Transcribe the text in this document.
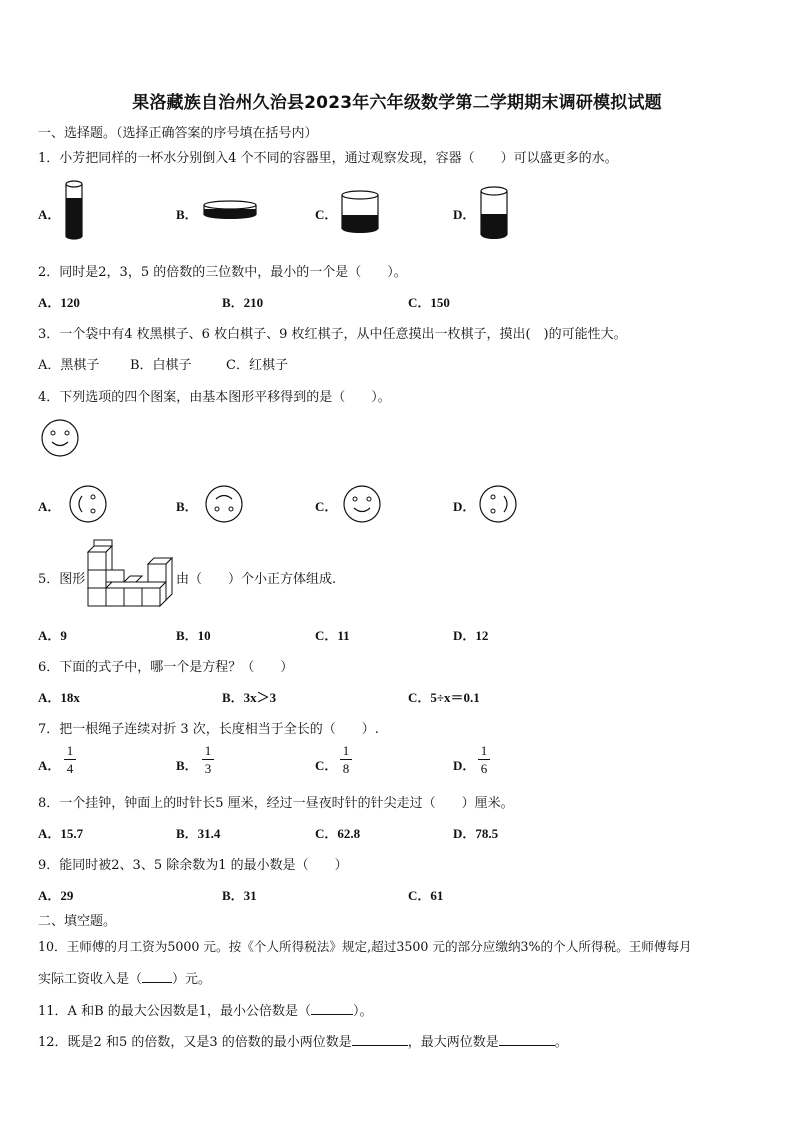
果洛藏族自治州久治县2023年六年级数学第二学期期末调研模拟试题
一、选择题。（选择正确答案的序号填在括号内）
1．小芳把同样的一杯水分别倒入4 个不同的容器里，通过观察发现，容器（　　）可以盛更多的水。
A．	B．	C．	D．
2．同时是2，3，5 的倍数的三位数中，最小的一个是（　　）。
A．120	B．210	C．150
3．一个袋中有4 枚黑棋子、6 枚白棋子、9 枚红棋子，从中任意摸出一枚棋子，摸出(　)的可能性大。
A．黑棋子 B．白棋子	C．红棋子
4．下列选项的四个图案，由基本图形平移得到的是（　　）。
A．	B．	C．	D．
5．图形	由（　　）个小正方体组成.
A．9	B．10	C．11	D．12
6．下面的式子中，哪一个是方程？（　　）
A．18x	B．3x＞3	C．5÷x＝0.1
7．把一根绳子连续对折 3 次，长度相当于全长的（　　）.
A．
1
4	B．
1
3	C．
1
8	D．
1
6
8．一个挂钟，钟面上的时针长5 厘米，经过一昼夜时针的针尖走过（　　）厘米。
A．15.7	B．31.4	C．62.8	D．78.5
9．能同时被2、3、5 除余数为1 的最小数是（　　）
A．29	B．31	C．61
二、填空题。
10．王师傅的月工资为5000 元。按《个人所得税法》规定,超过3500 元的部分应缴纳3%的个人所得税。王师傅每月
实际工资收入是（ ）元。
11．A 和B 的最大公因数是1，最小公倍数是（	）。
12．既是2 和5 的倍数，又是3 的倍数的最小两位数是	，最大两位数是	。
